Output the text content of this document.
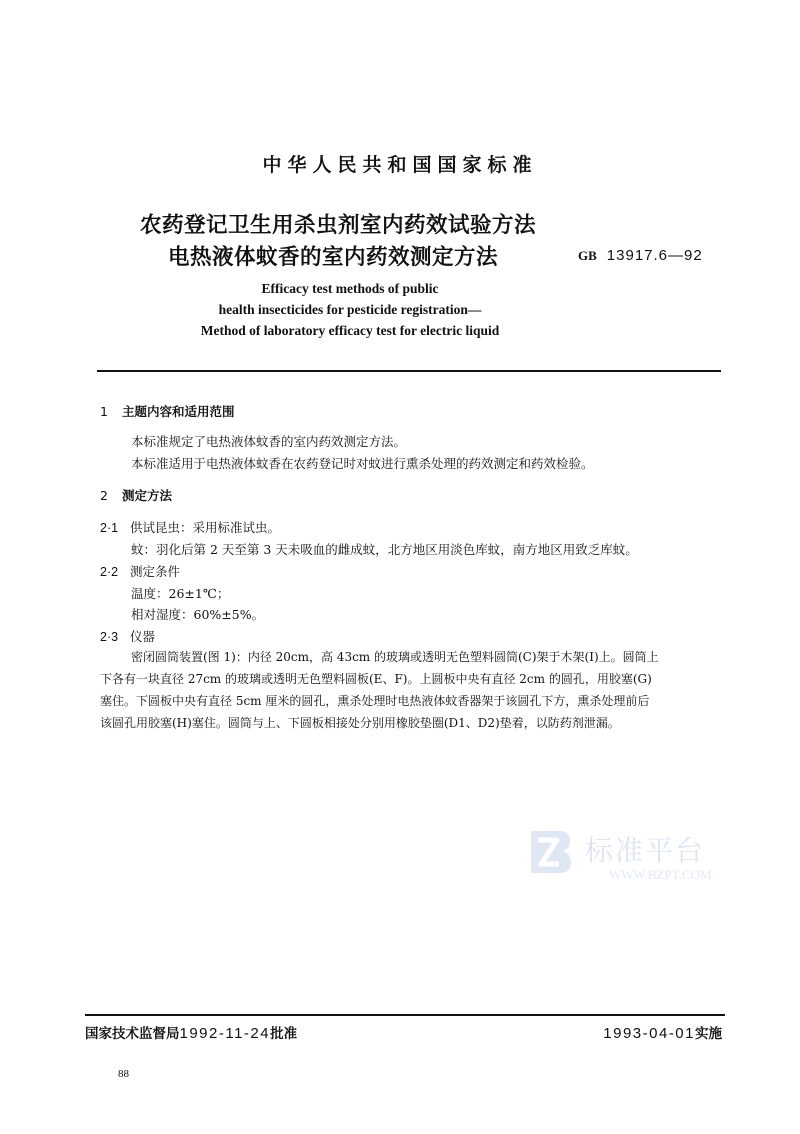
中华人民共和国国家标准
农药登记卫生用杀虫剂室内药效试验方法
电热液体蚊香的室内药效测定方法	GB 13917.6—92
Efficacy test methods of public
health insecticides for pesticide registration—
Method of laboratory efficacy test for electric liquid
1 主题内容和适用范围
本标准规定了电热液体蚊香的室内药效测定方法。
本标准适用于电热液体蚊香在农药登记时对蚊进行熏杀处理的药效测定和药效检验。
2 测定方法
2·1 供试昆虫：采用标准试虫。
蚊：羽化后第 2 天至第 3 天未吸血的雌成蚊，北方地区用淡色库蚊，南方地区用致乏库蚊。
2·2 测定条件
温度：26±1℃；
相对湿度：60%±5%。
2·3 仪器
密闭圆筒装置(图 1)：内径 20cm，高 43cm 的玻璃或透明无色塑料圆筒(C)架于木架(I)上。圆筒上
下各有一块直径 27cm 的玻璃或透明无色塑料圆板(E、F)。上圆板中央有直径 2cm 的圆孔，用胶塞(G)
塞住。下圆板中央有直径 5cm 厘米的圆孔，熏杀处理时电热液体蚊香器架于该圆孔下方，熏杀处理前后
该圆孔用胶塞(H)塞住。圆筒与上、下圆板相接处分别用橡胶垫圈(D1、D2)垫着，以防药剂泄漏。
标准平台
WWW.BZPT.COM
国家技术监督局1992-11-24批准	1993-04-01实施
88
